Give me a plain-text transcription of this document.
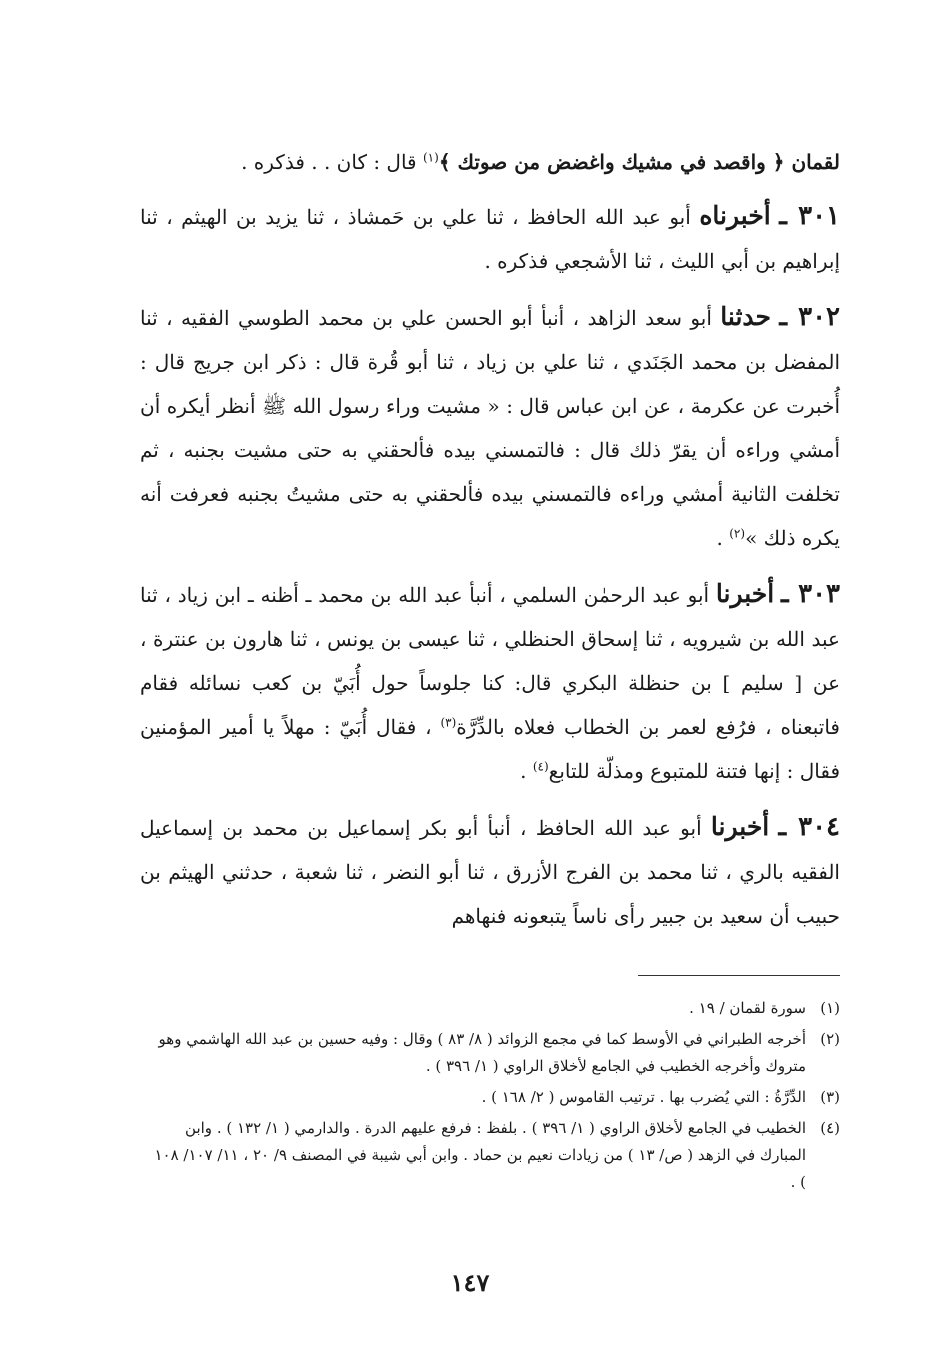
لقمان ﴿ واقصد في مشيك واغضض من صوتك ﴾$^{(١)}$ قال : كان . . فذكره .

٣٠١ ـ أخبرناه أبو عبد الله الحافظ ، ثنا علي بن حَمشاذ ، ثنا يزيد بن الهيثم ، ثنا إبراهيم بن أبي الليث ، ثنا الأشجعي فذكره .

٣٠٢ ـ حدثنا أبو سعد الزاهد ، أنبأ أبو الحسن علي بن محمد الطوسي الفقيه ، ثنا المفضل بن محمد الجَنَدي ، ثنا علي بن زياد ، ثنا أبو قُرة قال : ذكر ابن جريج قال : أُخبرت عن عكرمة ، عن ابن عباس قال : « مشيت وراء رسول الله ﷺ أنظر أيكره أن أمشي وراءه أن يقرّ ذلك قال : فالتمسني بيده فألحقني به حتى مشيت بجنبه ، ثم تخلفت الثانية أمشي وراءه فالتمسني بيده فألحقني به حتى مشيتُ بجنبه فعرفت أنه يكره ذلك »$^{(٢)}$ .

٣٠٣ ـ أخبرنا أبو عبد الرحمٰن السلمي ، أنبأ عبد الله بن محمد ـ أظنه ـ ابن زياد ، ثنا عبد الله بن شيرويه ، ثنا إسحاق الحنظلي ، ثنا عيسى بن يونس ، ثنا هارون بن عنترة ، عن [ سليم ] بن حنظلة البكري قال: كنا جلوساً حول أُبَيّ بن كعب نسائله فقام فاتبعناه ، فرُفع لعمر بن الخطاب فعلاه بالدِّرَّة$^{(٣)}$ ، فقال أُبَيّ : مهلاً يا أمير المؤمنين فقال : إنها فتنة للمتبوع ومذلّة للتابع$^{(٤)}$ .

٣٠٤ ـ أخبرنا أبو عبد الله الحافظ ، أنبأ أبو بكر إسماعيل بن محمد بن إسماعيل الفقيه بالري ، ثنا محمد بن الفرج الأزرق ، ثنا أبو النضر ، ثنا شعبة ، حدثني الهيثم بن حبيب أن سعيد بن جبير رأى ناساً يتبعونه فنهاهم

(١)سورة لقمان / ١٩ .

(٢)أخرجه الطبراني في الأوسط كما في مجمع الزوائد ( ٨/ ٨٣ ) وقال : وفيه حسين بن عبد الله الهاشمي وهو متروك وأخرجه الخطيب في الجامع لأخلاق الراوي ( ١/ ٣٩٦ ) .

(٣)الدِّرَّةُ : التي يُضرب بها . ترتيب القاموس ( ٢/ ١٦٨ ) .

(٤)الخطيب في الجامع لأخلاق الراوي ( ١/ ٣٩٦ ) . بلفظ : فرفع عليهم الدرة . والدارمي ( ١/ ١٣٢ ) . وابن المبارك في الزهد ( ص/ ١٣ ) من زيادات نعيم بن حماد . وابن أبي شيبة في المصنف ٩/ ٢٠ ، ١١/ ١٠٧/ ١٠٨ ) .

١٤٧
